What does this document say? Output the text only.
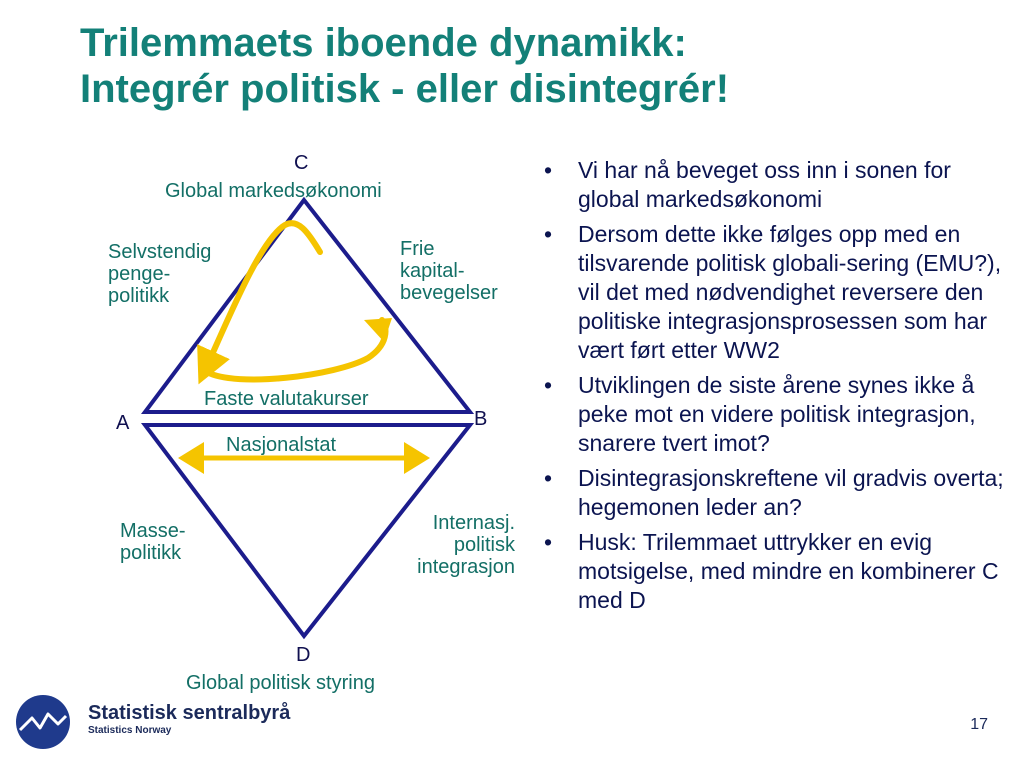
Trilemmaets iboende dynamikk:
Integrér politisk - eller disintegrér!
C
Global markedsøkonomi
Selvstendig
penge-
politikk
Frie
kapital-
bevegelser
Faste valutakurser
A	B
Nasjonalstat
Masse-
politikk
Internasj.
politisk
integrasjon
D
Global politisk styring
• Vi har nå beveget oss inn i sonen for global markedsøkonomi
• Dersom dette ikke følges opp med en tilsvarende politisk globali-sering (EMU?), vil det med nødvendighet reversere den politiske integrasjonsprosessen som har vært ført etter WW2
• Utviklingen de siste årene synes ikke å peke mot en videre politisk integrasjon, snarere tvert imot?
• Disintegrasjonskreftene vil gradvis overta; hegemonen leder an?
• Husk: Trilemmaet uttrykker en evig motsigelse, med mindre en kombinerer C med D
Statistisk sentralbyrå
Statistics Norway	17
